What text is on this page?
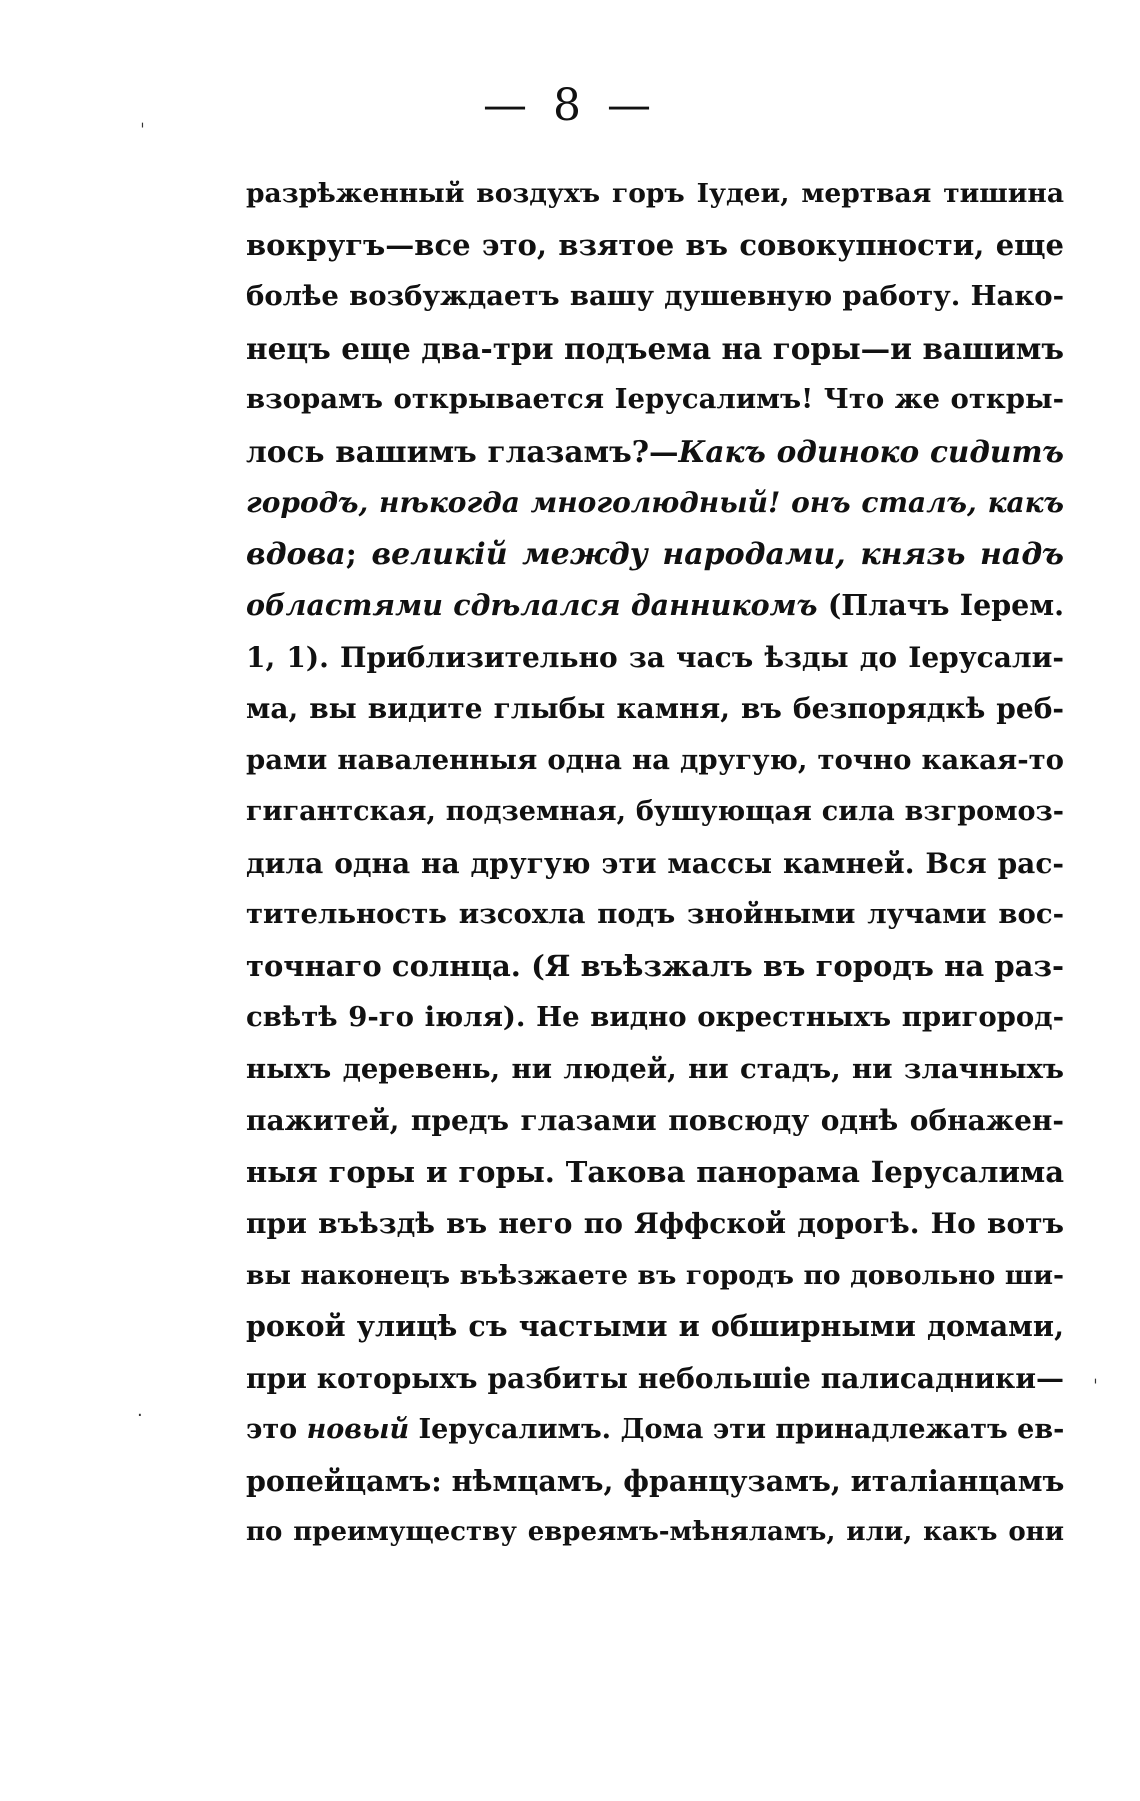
— 8 —
ˈ
·
ˌ
разрѣженный воздухъ горъ Іудеи, мертвая тишина
вокругъ—все это, взятое въ совокупности, еще
болѣе возбуждаетъ вашу душевную работу. Нако-
нецъ еще два-три подъема на горы—и вашимъ
взорамъ открывается Іерусалимъ! Что же откры-
лось вашимъ глазамъ?—Какъ одиноко сидитъ
городъ, нѣкогда многолюдный! онъ сталъ, какъ
вдова; великій между народами, князь надъ
областями сдѣлался данникомъ (Плачъ Іерем.
1, 1). Приблизительно за часъ ѣзды до Іерусали-
ма, вы видите глыбы камня, въ безпорядкѣ реб-
рами наваленныя одна на другую, точно какая-то
гигантская, подземная, бушующая сила взгромоз-
дила одна на другую эти массы камней. Вся рас-
тительность изсохла подъ знойными лучами вос-
точнаго солнца. (Я въѣзжалъ въ городъ на раз-
свѣтѣ 9-го іюля). Не видно окрестныхъ пригород-
ныхъ деревень, ни людей, ни стадъ, ни злачныхъ
пажитей, предъ глазами повсюду однѣ обнажен-
ныя горы и горы. Такова панорама Іерусалима
при въѣздѣ въ него по Яффской дорогѣ. Но вотъ
вы наконецъ въѣзжаете въ городъ по довольно ши-
рокой улицѣ съ частыми и обширными домами,
при которыхъ разбиты небольшіе палисадники—
это новый Іерусалимъ. Дома эти принадлежатъ ев-
ропейцамъ: нѣмцамъ, французамъ, италіанцамъ
по преимуществу евреямъ-мѣняламъ, или, какъ они
